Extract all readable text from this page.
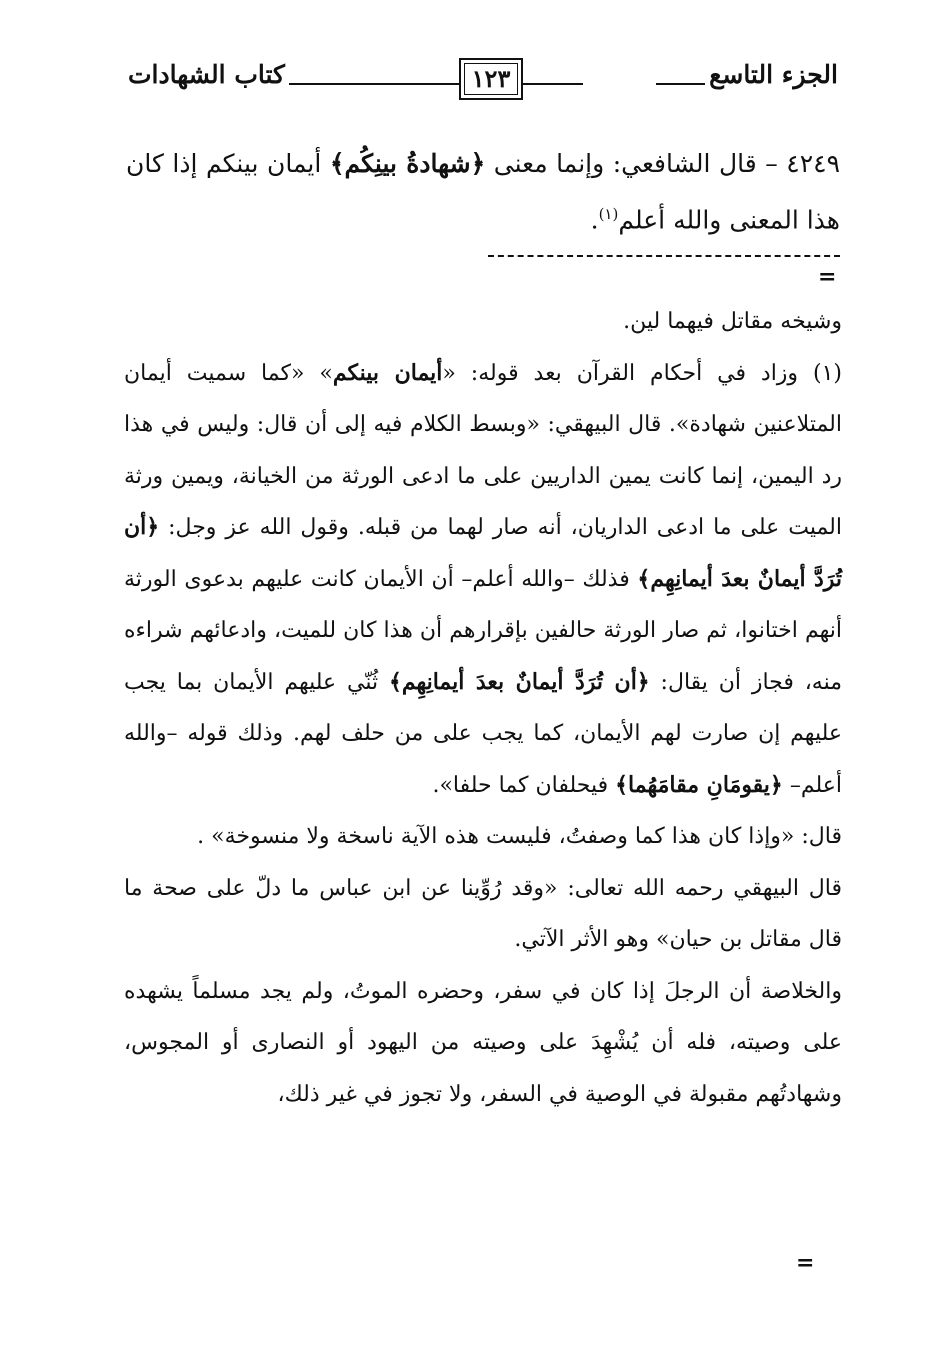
الجزء التاسع
١٢٣
كتاب الشهادات

٤٢٤٩ – قال الشافعي: وإنما معنى ﴿شهادةُ بينِكُم﴾ أيمان بينكم إذا كان هذا المعنى والله أعلم$^{(١)}$.

=

وشيخه مقاتل فيهما لين.

(١) وزاد في أحكام القرآن بعد قوله: «أيمان بينكم» «كما سميت أيمان المتلاعنين شهادة». قال البيهقي: «وبسط الكلام فيه إلى أن قال: وليس في هذا رد اليمين، إنما كانت يمين الداريين على ما ادعى الورثة من الخيانة، ويمين ورثة الميت على ما ادعى الداريان، أنه صار لهما من قبله. وقول الله عز وجل: ﴿أن تُرَدَّ أيمانٌ بعدَ أيمانِهِم﴾ فذلك –والله أعلم– أن الأيمان كانت عليهم بدعوى الورثة أنهم اختانوا، ثم صار الورثة حالفين بإقرارهم أن هذا كان للميت، وادعائهم شراءه منه، فجاز أن يقال: ﴿أن تُرَدَّ أيمانٌ بعدَ أيمانِهِم﴾ ثُنّي عليهم الأيمان بما يجب عليهم إن صارت لهم الأيمان، كما يجب على من حلف لهم. وذلك قوله –والله أعلم– ﴿يقومَانِ مقامَهُما﴾ فيحلفان كما حلفا».

قال: «وإذا كان هذا كما وصفتُ، فليست هذه الآية ناسخة ولا منسوخة» .

قال البيهقي رحمه الله تعالى: «وقد رُوِّينا عن ابن عباس ما دلّ على صحة ما قال مقاتل بن حيان» وهو الأثر الآتي.

والخلاصة أن الرجلَ إذا كان في سفر، وحضره الموتُ، ولم يجد مسلماً يشهده على وصيته، فله أن يُشْهِدَ على وصيته من اليهود أو النصارى أو المجوس، وشهادتُهم مقبولة في الوصية في السفر، ولا تجوز في غير ذلك،

=
